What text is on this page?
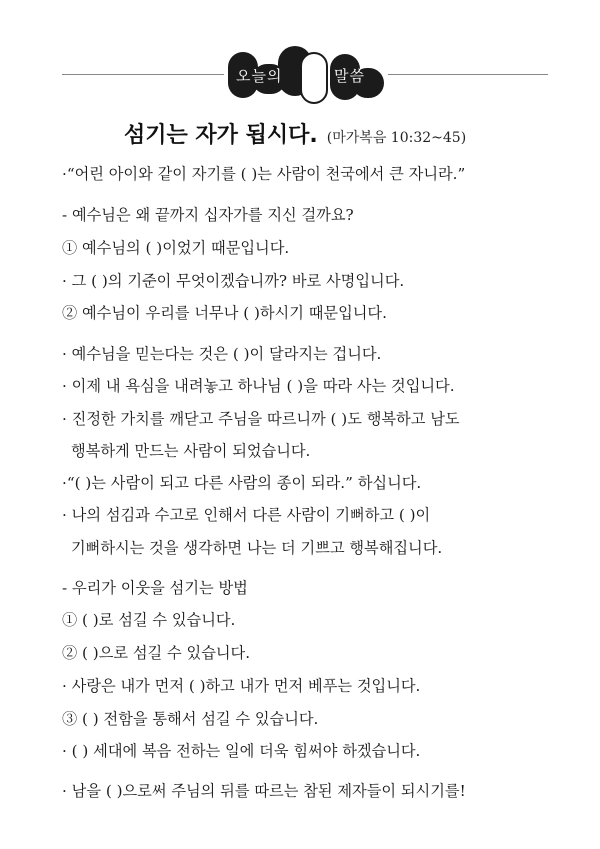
오늘의	말씀
섬기는 자가 됩시다. (마가복음 10:32~45)
·“어린 아이와 같이 자기를 ( )는 사람이 천국에서 큰 자니라.”
- 예수님은 왜 끝까지 십자가를 지신 걸까요?
① 예수님의 ( )이었기 때문입니다.
· 그 ( )의 기준이 무엇이겠습니까? 바로 사명입니다.
② 예수님이 우리를 너무나 ( )하시기 때문입니다.
· 예수님을 믿는다는 것은 ( )이 달라지는 겁니다.
· 이제 내 욕심을 내려놓고 하나님 ( )을 따라 사는 것입니다.
· 진정한 가치를 깨닫고 주님을 따르니까 ( )도 행복하고 남도
행복하게 만드는 사람이 되었습니다.
·“( )는 사람이 되고 다른 사람의 종이 되라.” 하십니다.
· 나의 섬김과 수고로 인해서 다른 사람이 기뻐하고 ( )이
기뻐하시는 것을 생각하면 나는 더 기쁘고 행복해집니다.
- 우리가 이웃을 섬기는 방법
① ( )로 섬길 수 있습니다.
② ( )으로 섬길 수 있습니다.
· 사랑은 내가 먼저 ( )하고 내가 먼저 베푸는 것입니다.
③ ( ) 전함을 통해서 섬길 수 있습니다.
· ( ) 세대에 복음 전하는 일에 더욱 힘써야 하겠습니다.
· 남을 ( )으로써 주님의 뒤를 따르는 참된 제자들이 되시기를!
